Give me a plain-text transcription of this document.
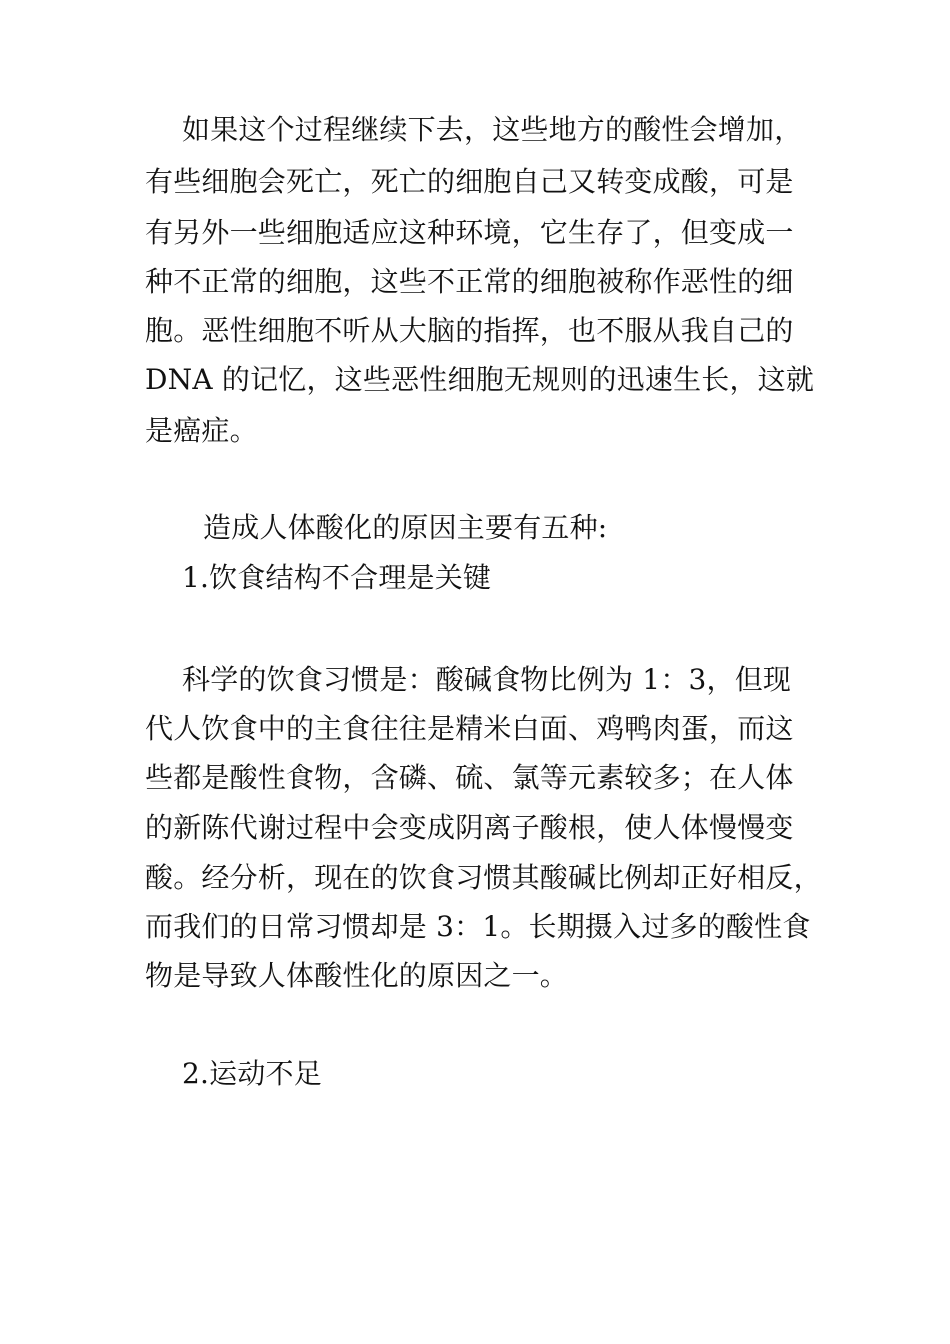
如果这个过程继续下去，这些地方的酸性会增加，
有些细胞会死亡，死亡的细胞自己又转变成酸，可是
有另外一些细胞适应这种环境，它生存了，但变成一
种不正常的细胞，这些不正常的细胞被称作恶性的细
胞。恶性细胞不听从大脑的指挥，也不服从我自己的
DNA 的记忆，这些恶性细胞无规则的迅速生长，这就
是癌症。
造成人体酸化的原因主要有五种:
1.饮食结构不合理是关键
科学的饮食习惯是：酸碱食物比例为 1：3，但现
代人饮食中的主食往往是精米白面、鸡鸭肉蛋，而这
些都是酸性食物，含磷、硫、氯等元素较多；在人体
的新陈代谢过程中会变成阴离子酸根，使人体慢慢变
酸。经分析，现在的饮食习惯其酸碱比例却正好相反，
而我们的日常习惯却是 3：1。长期摄入过多的酸性食
物是导致人体酸性化的原因之一。
2.运动不足
